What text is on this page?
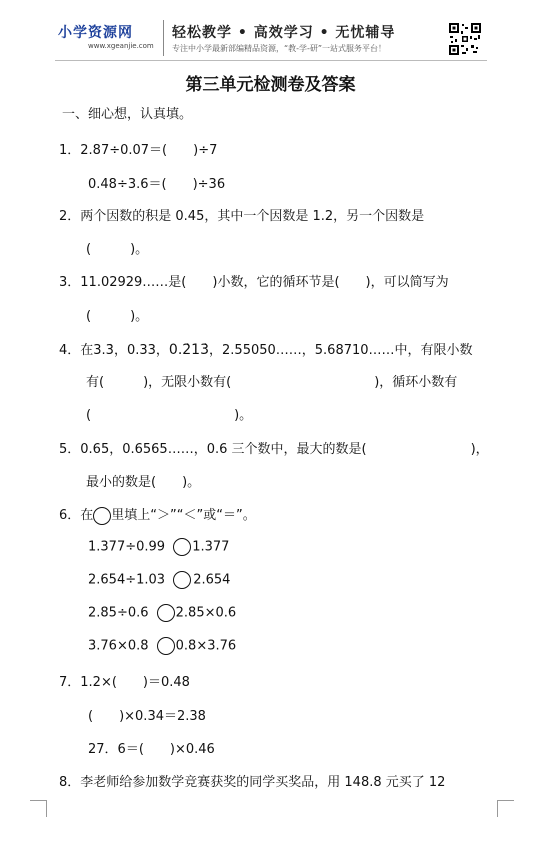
小学资源网
www.xgeanjie.com
轻松教学 • 高效学习 • 无忧辅导
专注中小学最新部编精品资源，“教-学-研”一站式服务平台！
第三单元检测卷及答案
一、细心想，认真填。
1．2.87÷0.07＝(　　)÷7
0.48÷3.6＝(　　)÷36
2．两个因数的积是 0.45，其中一个因数是 1.2，另一个因数是
(　　　)。
3．11.02929……是(　　)小数，它的循环节是(　　)，可以简写为
(　　　)。
4．在3.3̇，0.33，0.2̇13̇，2.55050……，5.68710……中，有限小数
有(　　　)，无限小数有(　　　　　　　　　　　)，循环小数有
(　　　　　　　　　　　)。
5．0.65，0.6565……，0.6 三个数中，最大的数是(　　　　　　　　)，
最小的数是(　　)。
6．在 里填上“＞”“＜”或“＝”。
1.377÷0.99 1.377
2.654÷1.03 2.654
2.85÷0.6 2.85×0.6
3.76×0.8 0.8×3.76
7．1.2×(　　)＝0.48
(　　)×0.34＝2.38
27．6＝(　　)×0.46
8．李老师给参加数学竞赛获奖的同学买奖品，用 148.8 元买了 12
